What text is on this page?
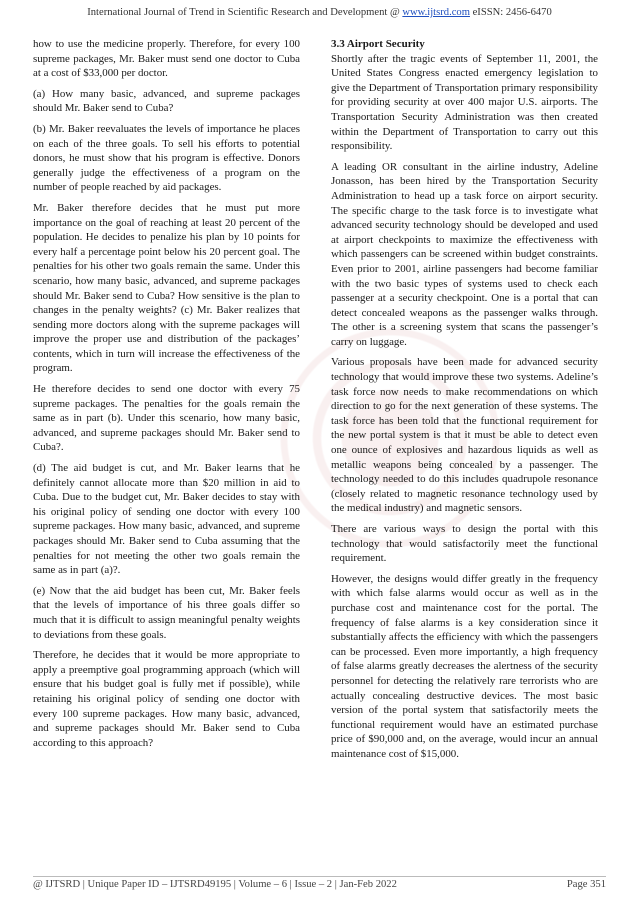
International Journal of Trend in Scientific Research and Development @ www.ijtsrd.com eISSN: 2456-6470

how to use the medicine properly. Therefore, for every 100 supreme packages, Mr. Baker must send one doctor to Cuba at a cost of $33,000 per doctor.

(a) How many basic, advanced, and supreme packages should Mr. Baker send to Cuba?

(b) Mr. Baker reevaluates the levels of importance he places on each of the three goals. To sell his efforts to potential donors, he must show that his program is effective. Donors generally judge the effectiveness of a program on the number of people reached by aid packages.

Mr. Baker therefore decides that he must put more importance on the goal of reaching at least 20 percent of the population. He decides to penalize his plan by 10 points for every half a percentage point below his 20 percent goal. The penalties for his other two goals remain the same. Under this scenario, how many basic, advanced, and supreme packages should Mr. Baker send to Cuba? How sensitive is the plan to changes in the penalty weights? (c) Mr. Baker realizes that sending more doctors along with the supreme packages will improve the proper use and distribution of the packages’ contents, which in turn will increase the effectiveness of the program.

He therefore decides to send one doctor with every 75 supreme packages. The penalties for the goals remain the same as in part (b). Under this scenario, how many basic, advanced, and supreme packages should Mr. Baker send to Cuba?.

(d) The aid budget is cut, and Mr. Baker learns that he definitely cannot allocate more than $20 million in aid to Cuba. Due to the budget cut, Mr. Baker decides to stay with his original policy of sending one doctor with every 100 supreme packages. How many basic, advanced, and supreme packages should Mr. Baker send to Cuba assuming that the penalties for not meeting the other two goals remain the same as in part (a)?.

(e) Now that the aid budget has been cut, Mr. Baker feels that the levels of importance of his three goals differ so much that it is difficult to assign meaningful penalty weights to deviations from these goals.

Therefore, he decides that it would be more appropriate to apply a preemptive goal programming approach (which will ensure that his budget goal is fully met if possible), while retaining his original policy of sending one doctor with every 100 supreme packages. How many basic, advanced, and supreme packages should Mr. Baker send to Cuba according to this approach?

3.3 Airport Security

Shortly after the tragic events of September 11, 2001, the United States Congress enacted emergency legislation to give the Department of Transportation primary responsibility for providing security at over 400 major U.S. airports. The Transportation Security Administration was then created within the Department of Transportation to carry out this responsibility.

A leading OR consultant in the airline industry, Adeline Jonasson, has been hired by the Transportation Security Administration to head up a task force on airport security. The specific charge to the task force is to investigate what advanced security technology should be developed and used at airport checkpoints to maximize the effectiveness with which passengers can be screened within budget constraints. Even prior to 2001, airline passengers had become familiar with the two basic types of systems used to check each passenger at a security checkpoint. One is a portal that can detect concealed weapons as the passenger walks through. The other is a screening system that scans the passenger’s carry on luggage.

Various proposals have been made for advanced security technology that would improve these two systems. Adeline’s task force now needs to make recommendations on which direction to go for the next generation of these systems. The task force has been told that the functional requirement for the new portal system is that it must be able to detect even one ounce of explosives and hazardous liquids as well as metallic weapons being concealed by a passenger. The technology needed to do this includes quadrupole resonance (closely related to magnetic resonance technology used by the medical industry) and magnetic sensors.

There are various ways to design the portal with this technology that would satisfactorily meet the functional requirement.

However, the designs would differ greatly in the frequency with which false alarms would occur as well as in the purchase cost and maintenance cost for the portal. The frequency of false alarms is a key consideration since it substantially affects the efficiency with which the passengers can be processed. Even more importantly, a high frequency of false alarms greatly decreases the alertness of the security personnel for detecting the relatively rare terrorists who are actually concealing destructive devices. The most basic version of the portal system that satisfactorily meets the functional requirement would have an estimated purchase price of $90,000 and, on the average, would incur an annual maintenance cost of $15,000.

@ IJTSRD | Unique Paper ID – IJTSRD49195 | Volume – 6 | Issue – 2 | Jan-Feb 2022	Page 351
